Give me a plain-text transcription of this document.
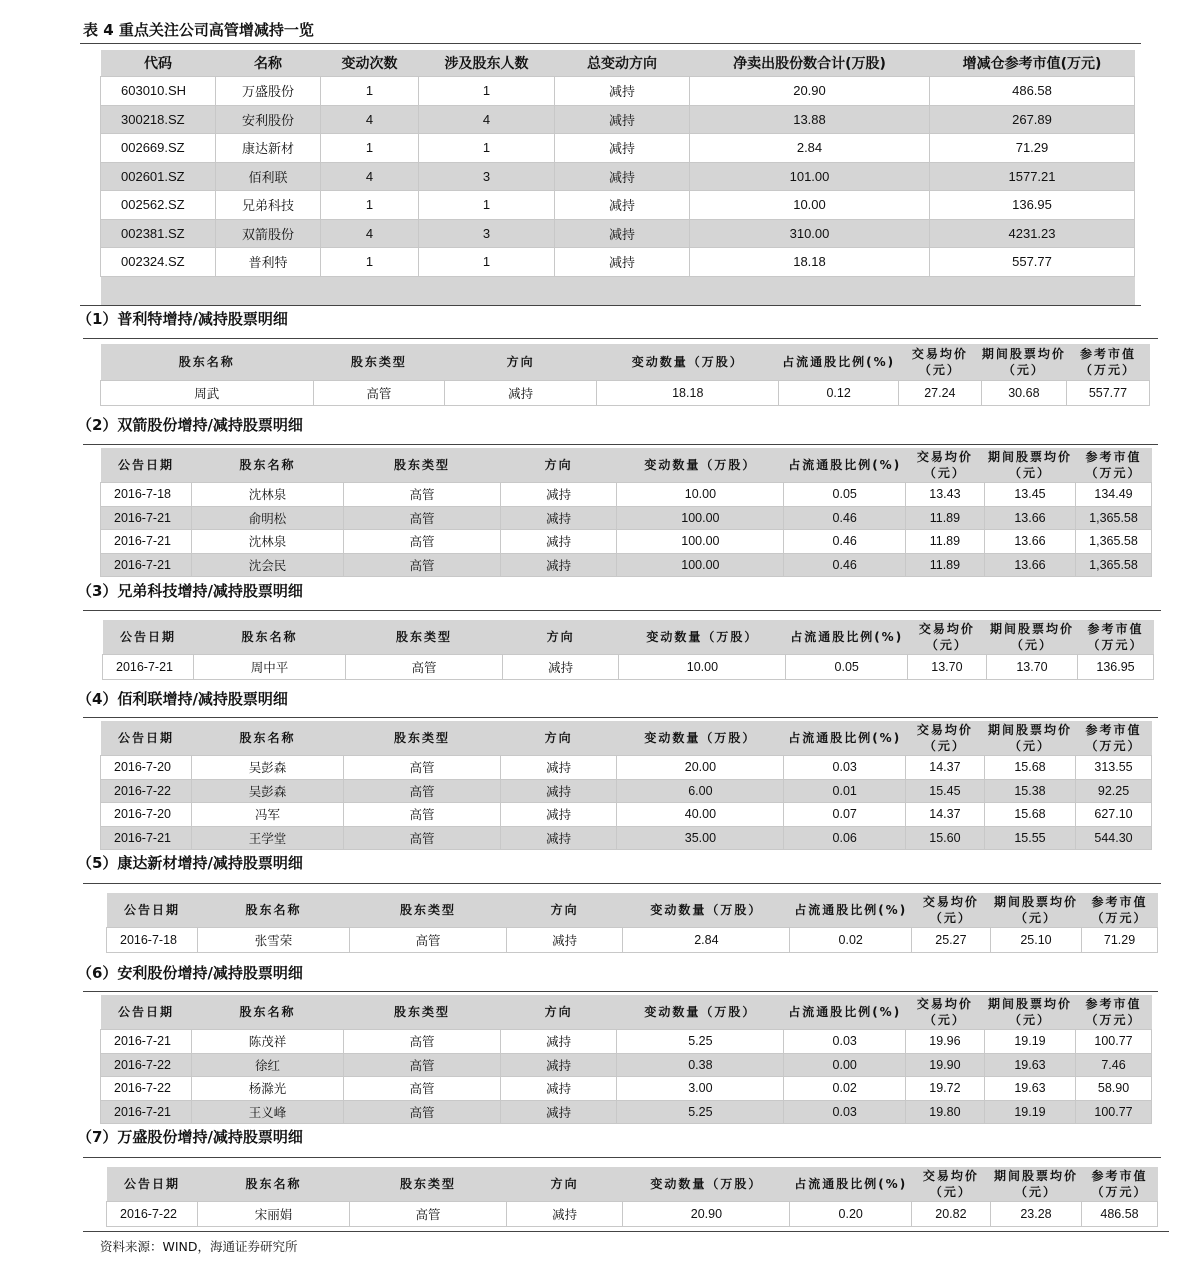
表 4 重点关注公司高管增减持一览
代码	名称	变动次数	涉及股东人数	总变动方向	净卖出股份数合计(万股)	增减仓参考市值(万元)
603010.SH	万盛股份	1	1	减持	20.90	486.58
300218.SZ	安利股份	4	4	减持	13.88	267.89
002669.SZ	康达新材	1	1	减持	2.84	71.29
002601.SZ	佰利联	4	3	减持	101.00	1577.21
002562.SZ	兄弟科技	1	1	减持	10.00	136.95
002381.SZ	双箭股份	4	3	减持	310.00	4231.23
002324.SZ	普利特	1	1	减持	18.18	557.77

（1）普利特增持/减持股票明细
股东名称	股东类型	方向	变动数量（万股）	占流通股比例(%)	交易均价（元）	期间股票均价（元）	参考市值（万元）
周武	高管	减持	18.18	0.12	27.24	30.68	557.77
（2）双箭股份增持/减持股票明细
公告日期	股东名称	股东类型	方向	变动数量（万股）	占流通股比例(%)	交易均价（元）	期间股票均价（元）	参考市值（万元）
2016-7-18	沈林泉	高管	减持	10.00	0.05	13.43	13.45	134.49
2016-7-21	俞明松	高管	减持	100.00	0.46	11.89	13.66	1,365.58
2016-7-21	沈林泉	高管	减持	100.00	0.46	11.89	13.66	1,365.58
2016-7-21	沈会民	高管	减持	100.00	0.46	11.89	13.66	1,365.58
（3）兄弟科技增持/减持股票明细
公告日期	股东名称	股东类型	方向	变动数量（万股）	占流通股比例(%)	交易均价（元）	期间股票均价（元）	参考市值（万元）
2016-7-21	周中平	高管	减持	10.00	0.05	13.70	13.70	136.95
（4）佰利联增持/减持股票明细
公告日期	股东名称	股东类型	方向	变动数量（万股）	占流通股比例(%)	交易均价（元）	期间股票均价（元）	参考市值（万元）
2016-7-20	吴彭森	高管	减持	20.00	0.03	14.37	15.68	313.55
2016-7-22	吴彭森	高管	减持	6.00	0.01	15.45	15.38	92.25
2016-7-20	冯军	高管	减持	40.00	0.07	14.37	15.68	627.10
2016-7-21	王学堂	高管	减持	35.00	0.06	15.60	15.55	544.30
（5）康达新材增持/减持股票明细
公告日期	股东名称	股东类型	方向	变动数量（万股）	占流通股比例(%)	交易均价（元）	期间股票均价（元）	参考市值（万元）
2016-7-18	张雪荣	高管	减持	2.84	0.02	25.27	25.10	71.29
（6）安利股份增持/减持股票明细
公告日期	股东名称	股东类型	方向	变动数量（万股）	占流通股比例(%)	交易均价（元）	期间股票均价（元）	参考市值（万元）
2016-7-21	陈茂祥	高管	减持	5.25	0.03	19.96	19.19	100.77
2016-7-22	徐红	高管	减持	0.38	0.00	19.90	19.63	7.46
2016-7-22	杨滁光	高管	减持	3.00	0.02	19.72	19.63	58.90
2016-7-21	王义峰	高管	减持	5.25	0.03	19.80	19.19	100.77
（7）万盛股份增持/减持股票明细
公告日期	股东名称	股东类型	方向	变动数量（万股）	占流通股比例(%)	交易均价（元）	期间股票均价（元）	参考市值（万元）
2016-7-22	宋丽娟	高管	减持	20.90	0.20	20.82	23.28	486.58
资料来源：WIND，海通证券研究所
